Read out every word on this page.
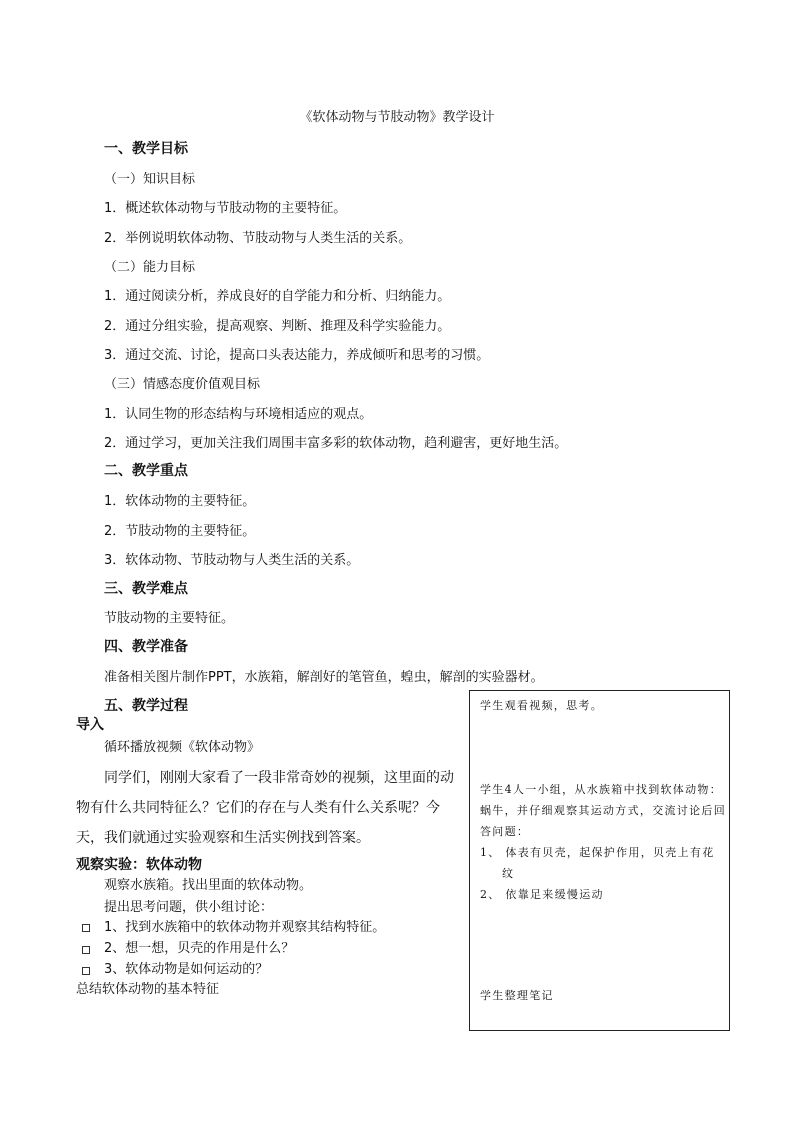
《软体动物与节肢动物》教学设计
一、教学目标
（一）知识目标
1．概述软体动物与节肢动物的主要特征。
2．举例说明软体动物、节肢动物与人类生活的关系。
（二）能力目标
1．通过阅读分析，养成良好的自学能力和分析、归纳能力。
2．通过分组实验，提高观察、判断、推理及科学实验能力。
3．通过交流、讨论，提高口头表达能力，养成倾听和思考的习惯。
（三）情感态度价值观目标
1．认同生物的形态结构与环境相适应的观点。
2．通过学习，更加关注我们周围丰富多彩的软体动物，趋利避害，更好地生活。
二、教学重点
1．软体动物的主要特征。
2．节肢动物的主要特征。
3．软体动物、节肢动物与人类生活的关系。
三、教学难点
节肢动物的主要特征。
四、教学准备
准备相关图片制作PPT，水族箱，解剖好的笔管鱼，蝗虫，解剖的实验器材。
五、教学过程
导入
循环播放视频《软体动物》
同学们，刚刚大家看了一段非常奇妙的视频，这里面的动物有什么共同特征么？它们的存在与人类有什么关系呢？今天，我们就通过实验观察和生活实例找到答案。
观察实验：软体动物
观察水族箱。找出里面的软体动物。
提出思考问题，供小组讨论：
1、找到水族箱中的软体动物并观察其结构特征。
2、想一想，贝壳的作用是什么？
3、软体动物是如何运动的？
总结软体动物的基本特征
学生观看视频，思考。
学生4人一小组，从水族箱中找到软体动物：蜗牛，并仔细观察其运动方式，交流讨论后回答问题：
1、 体表有贝壳，起保护作用，贝壳上有花纹
2、 依靠足来缓慢运动
学生整理笔记
